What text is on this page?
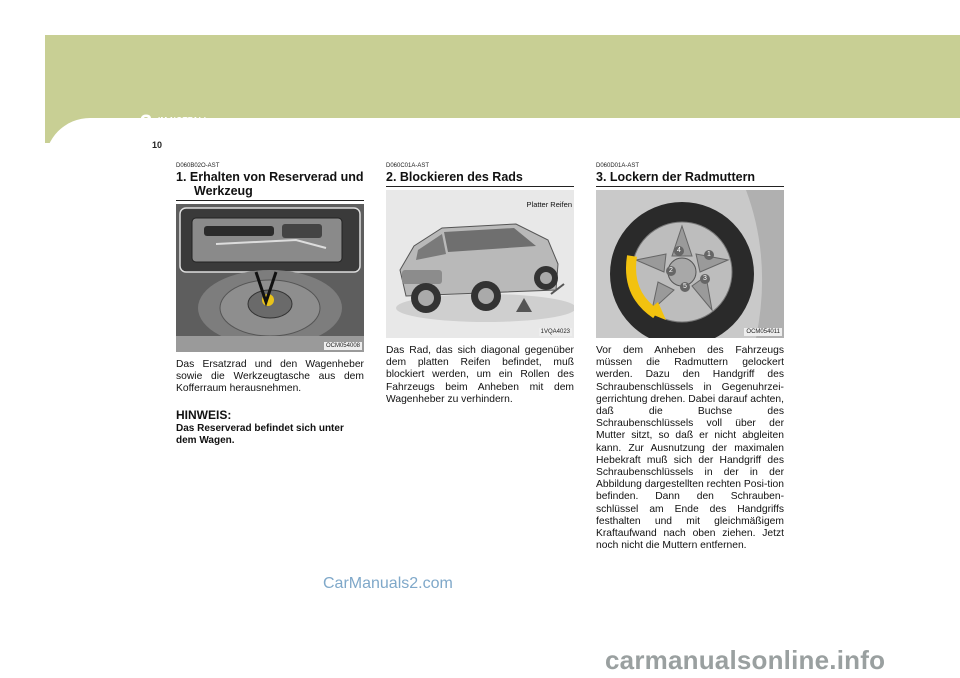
3 IM NOTFALL
10
D060B02O-AST
1. Erhalten von Reserverad und
Werkzeug
OCM054008

Das Ersatzrad und den Wagenheber sowie die Werkzeugtasche aus dem Kofferraum herausnehmen.

HINWEIS:

Das Reserverad befindet sich unter dem Wagen.

D060C01A-AST
2. Blockieren des Rads
Platter Reifen
1VQA4023

Das Rad, das sich diagonal gegenüber dem platten Reifen befindet, muß blockiert werden, um ein Rollen des Fahrzeugs beim Anheben mit dem Wagenheber zu verhindern.

D060D01A-AST
3. Lockern der Radmuttern
1
2
3
4
5
OCM054011

Vor dem Anheben des Fahrzeugs müssen die Radmuttern gelockert werden. Dazu den Handgriff des Schraubenschlüssels in Gegenuhrzei-gerrichtung drehen. Dabei darauf achten, daß die Buchse des Schraubenschlüssels voll über der Mutter sitzt, so daß er nicht abgleiten kann. Zur Ausnutzung der maximalen Hebekraft muß sich der Handgriff des Schraubenschlüssels in der in der Abbildung dargestellten rechten Posi-tion befinden. Dann den Schrauben-schlüssel am Ende des Handgriffs festhalten und mit gleichmäßigem Kraftaufwand nach oben ziehen. Jetzt noch nicht die Muttern entfernen.

CarManuals2.com
carmanualsonline.info
